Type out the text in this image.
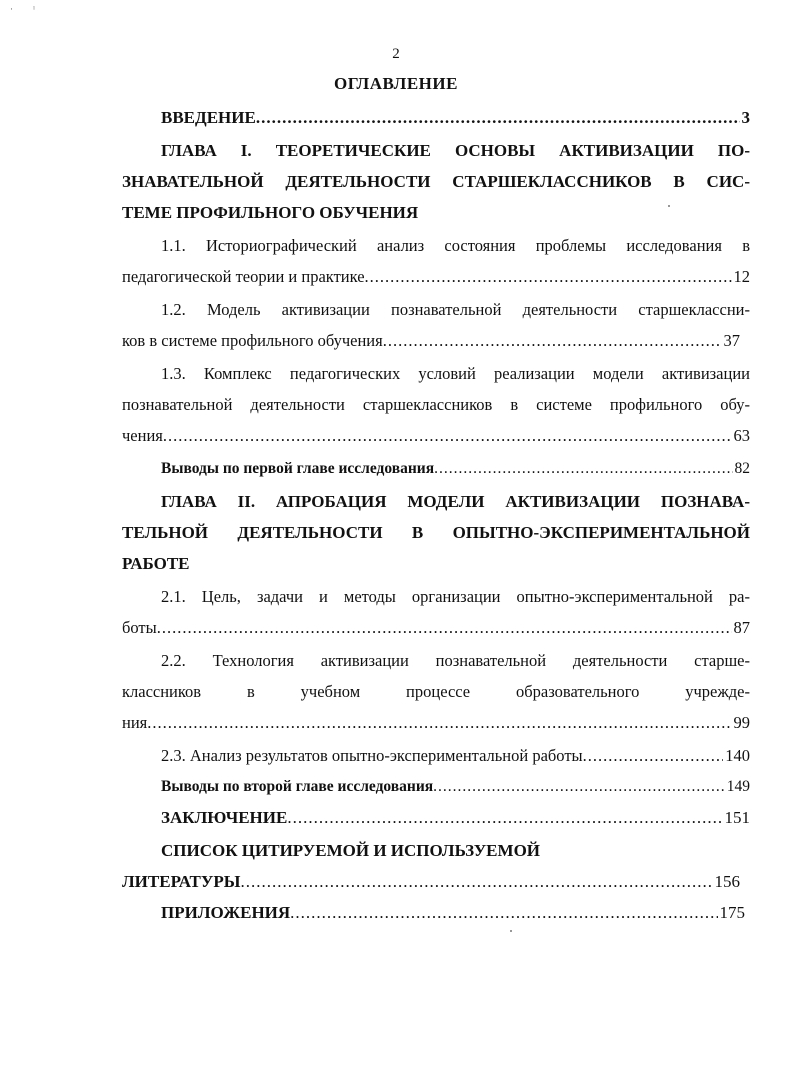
·         ˡ
2
ОГЛАВЛЕНИЕ
ВВЕДЕНИЕ .....	3
ГЛАВА I. ТЕОРЕТИЧЕСКИЕ ОСНОВЫ АКТИВИЗАЦИИ ПО-
ЗНАВАТЕЛЬНОЙ ДЕЯТЕЛЬНОСТИ СТАРШЕКЛАССНИКОВ В СИС-
ТЕМЕ ПРОФИЛЬНОГО ОБУЧЕНИЯ
1.1. Историографический анализ состояния проблемы исследования в
педагогической теории и практике .....	12
1.2. Модель активизации познавательной деятельности старшеклассни-
ков в системе профильного обучения .....	37
1.3. Комплекс педагогических условий реализации модели активизации
познавательной деятельности старшеклассников в системе профильного обу-
чения .....	63
Выводы по первой главе исследования .....	82
ГЛАВА II. АПРОБАЦИЯ МОДЕЛИ АКТИВИЗАЦИИ ПОЗНАВА-
ТЕЛЬНОЙ ДЕЯТЕЛЬНОСТИ В ОПЫТНО-ЭКСПЕРИМЕНТАЛЬНОЙ
РАБОТЕ
2.1. Цель, задачи и методы организации опытно-экспериментальной ра-
боты .....	87
2.2. Технология активизации познавательной деятельности старше-
классников в учебном процессе образовательного учрежде-
ния .....	99
2.3. Анализ результатов опытно-экспериментальной работы .....	140
Выводы по второй главе исследования .....	149
ЗАКЛЮЧЕНИЕ .....	151
СПИСОК ЦИТИРУЕМОЙ И ИСПОЛЬЗУЕМОЙ
ЛИТЕРАТУРЫ .....	156
ПРИЛОЖЕНИЯ .....	175
